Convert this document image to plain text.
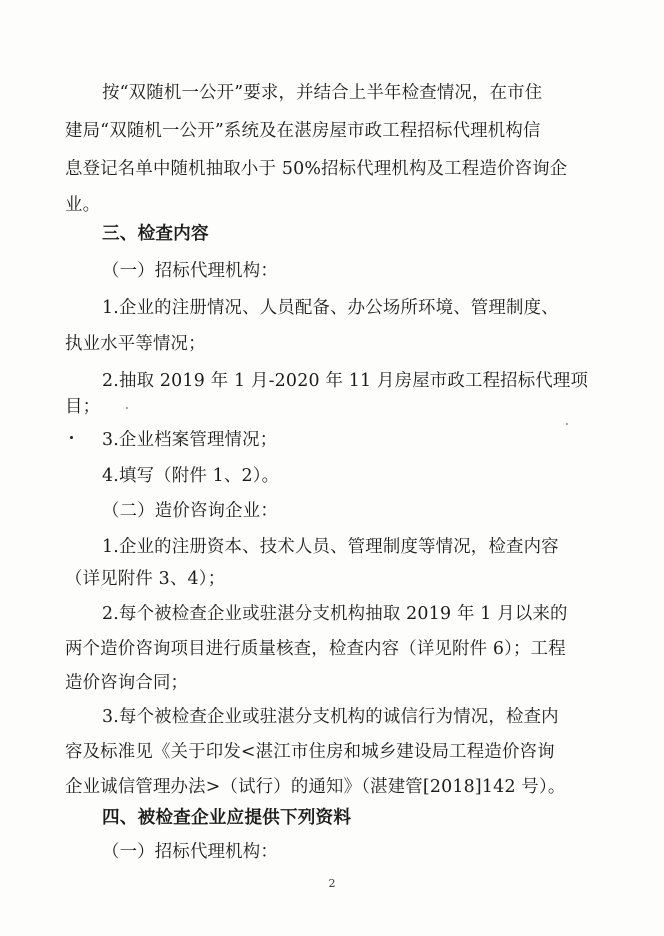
按“双随机一公开”要求，并结合上半年检查情况，在市住
建局“双随机一公开”系统及在湛房屋市政工程招标代理机构信
息登记名单中随机抽取小于 50%招标代理机构及工程造价咨询企
业。
三、检查内容
（一）招标代理机构：
1.企业的注册情况、人员配备、办公场所环境、管理制度、
执业水平等情况；
2.抽取 2019 年 1 月-2020 年 11 月房屋市政工程招标代理项
目；
3.企业档案管理情况；
4.填写（附件 1、2）。
（二）造价咨询企业：
1.企业的注册资本、技术人员、管理制度等情况，检查内容
（详见附件 3、4）；
2.每个被检查企业或驻湛分支机构抽取 2019 年 1 月以来的
两个造价咨询项目进行质量核查，检查内容（详见附件 6）；工程
造价咨询合同；
3.每个被检查企业或驻湛分支机构的诚信行为情况，检查内
容及标准见《关于印发<湛江市住房和城乡建设局工程造价咨询
企业诚信管理办法>（试行）的通知》（湛建管[2018]142 号）。
四、被检查企业应提供下列资料
（一）招标代理机构：
2
